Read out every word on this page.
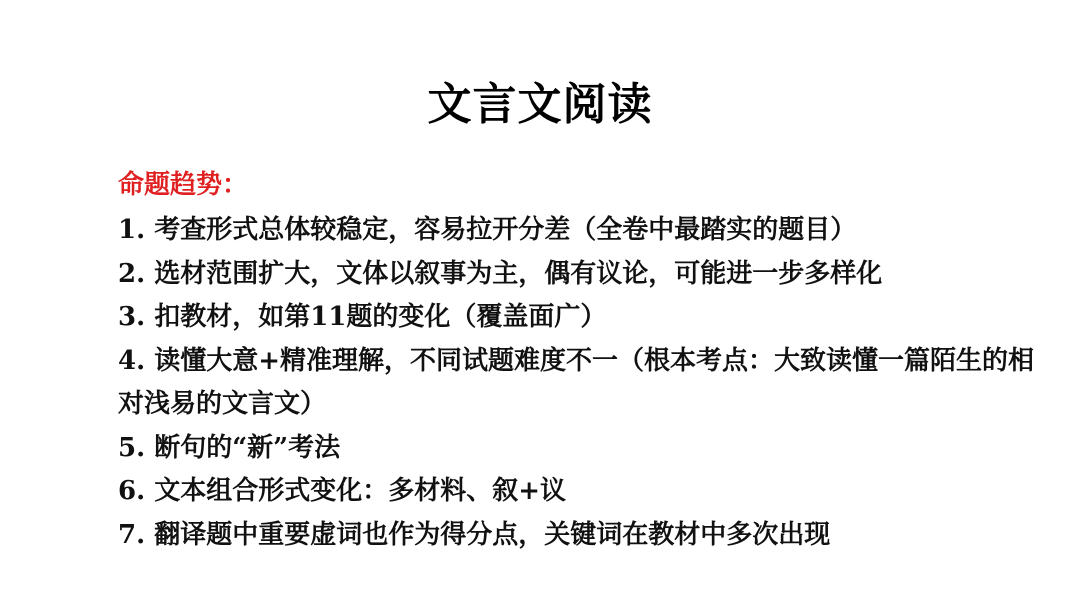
文言文阅读
命题趋势：
1. 考查形式总体较稳定，容易拉开分差（全卷中最踏实的题目）
2. 选材范围扩大，文体以叙事为主，偶有议论，可能进一步多样化
3. 扣教材，如第11题的变化（覆盖面广）
4. 读懂大意+精准理解，不同试题难度不一（根本考点：大致读懂一篇陌生的相对浅易的文言文）
5. 断句的“新”考法
6. 文本组合形式变化：多材料、叙+议
7. 翻译题中重要虚词也作为得分点，关键词在教材中多次出现
